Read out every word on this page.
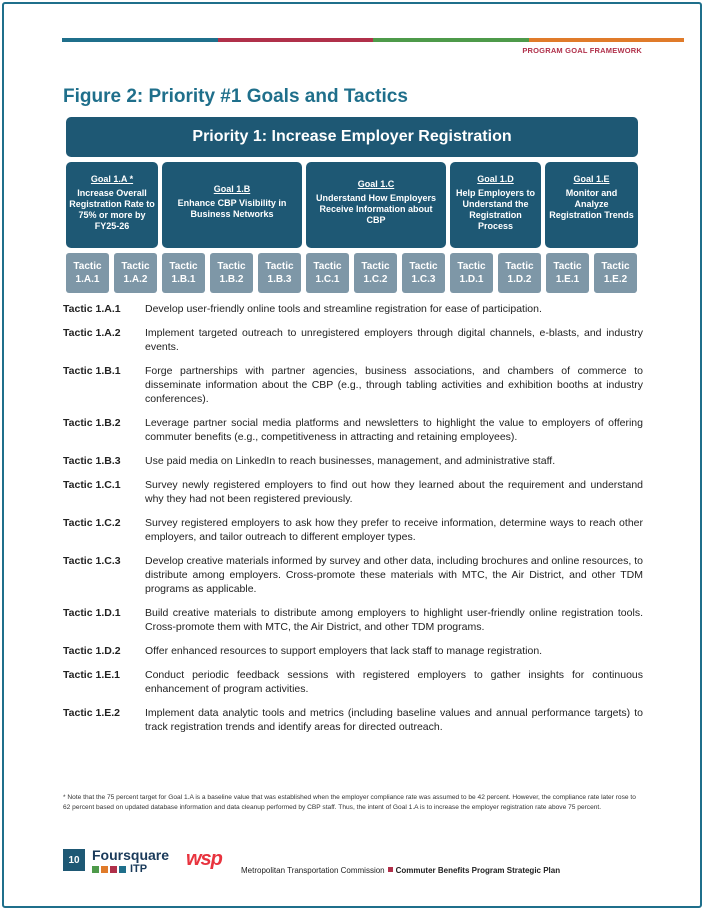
PROGRAM GOAL FRAMEWORK
Figure 2: Priority #1 Goals and Tactics
Priority 1: Increase Employer Registration
Goal 1.A *
Increase Overall Registration Rate to 75% or more by FY25-26
Goal 1.B
Enhance CBP Visibility in Business Networks
Goal 1.C
Understand How Employers Receive Information about CBP
Goal 1.D
Help Employers to Understand the Registration Process
Goal 1.E
Monitor and Analyze Registration Trends
Tactic
1.A.1
Tactic
1.A.2
Tactic
1.B.1
Tactic
1.B.2
Tactic
1.B.3
Tactic
1.C.1
Tactic
1.C.2
Tactic
1.C.3
Tactic
1.D.1
Tactic
1.D.2
Tactic
1.E.1
Tactic
1.E.2
Tactic 1.A.1	Develop user-friendly online tools and streamline registration for ease of participation.
Tactic 1.A.2	Implement targeted outreach to unregistered employers through digital channels, e-blasts, and industry events.
Tactic 1.B.1	Forge partnerships with partner agencies, business associations, and chambers of commerce to disseminate information about the CBP (e.g., through tabling activities and exhibition booths at industry conferences).
Tactic 1.B.2	Leverage partner social media platforms and newsletters to highlight the value to employers of offering commuter benefits (e.g., competitiveness in attracting and retaining employees).
Tactic 1.B.3	Use paid media on LinkedIn to reach businesses, management, and administrative staff.
Tactic 1.C.1	Survey newly registered employers to find out how they learned about the requirement and understand why they had not been registered previously.
Tactic 1.C.2	Survey registered employers to ask how they prefer to receive information, determine ways to reach other employers, and tailor outreach to different employer types.
Tactic 1.C.3	Develop creative materials informed by survey and other data, including brochures and online resources, to distribute among employers. Cross-promote these materials with MTC, the Air District, and other TDM programs as applicable.
Tactic 1.D.1	Build creative materials to distribute among employers to highlight user-friendly online registration tools. Cross-promote them with MTC, the Air District, and other TDM programs.
Tactic 1.D.2	Offer enhanced resources to support employers that lack staff to manage registration.
Tactic 1.E.1	Conduct periodic feedback sessions with registered employers to gather insights for continuous enhancement of program activities.
Tactic 1.E.2	Implement data analytic tools and metrics (including baseline values and annual performance targets) to track registration trends and identify areas for directed outreach.
* Note that the 75 percent target for Goal 1.A is a baseline value that was established when the employer compliance rate was assumed to be 42 percent. However, the compliance rate later rose to 62 percent based on updated database information and data cleanup performed by CBP staff. Thus, the intent of Goal 1.A is to increase the employer registration rate above 75 percent.
10 Foursquare
ITP wsp
Metropolitan Transportation Commission Commuter Benefits Program Strategic Plan
